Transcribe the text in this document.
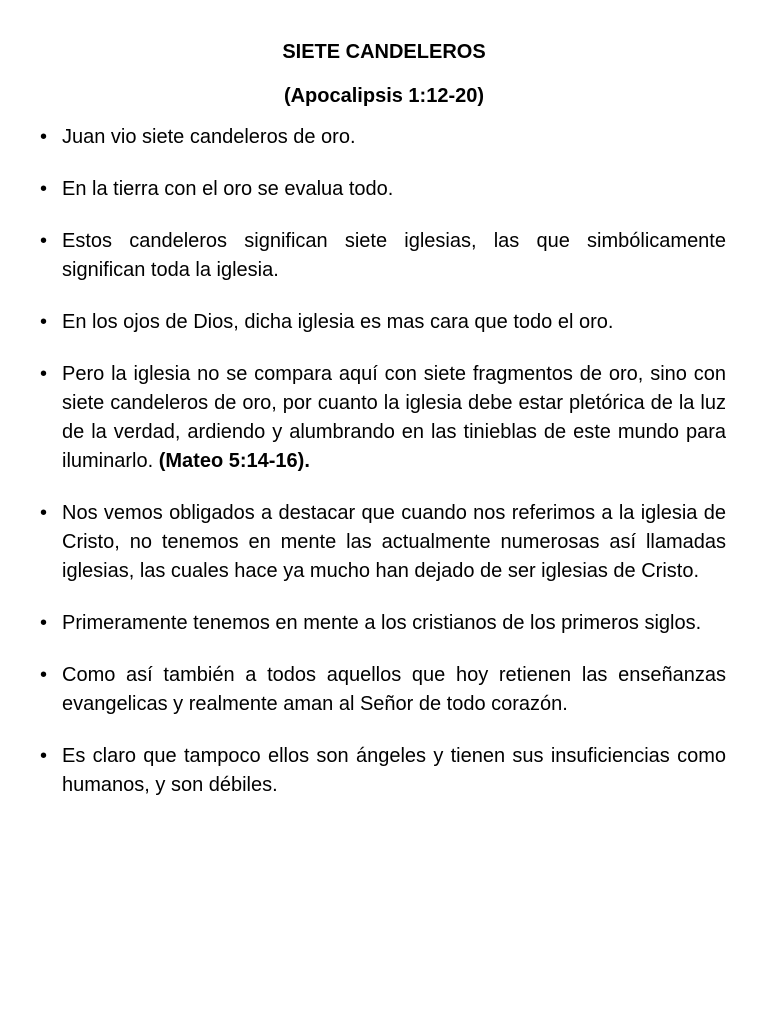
SIETE CANDELEROS
(Apocalipsis 1:12-20)
•
Juan vio siete candeleros de oro.
•
En la tierra con el oro se evalua todo.
•
Estos candeleros significan siete iglesias, las que simbólicamente significan toda la iglesia.
•
En los ojos de Dios, dicha iglesia es mas cara que todo el oro.
•
Pero la iglesia no se compara aquí con siete fragmentos de oro, sino con siete candeleros de oro, por cuanto la iglesia debe estar pletórica de la luz de la verdad, ardiendo y alumbrando en las tinieblas de este mundo para iluminarlo. (Mateo 5:14-16).
•
Nos vemos obligados a destacar que cuando nos referimos a la iglesia de Cristo, no tenemos en mente las actualmente numerosas así llamadas iglesias, las cuales hace ya mucho han dejado de ser iglesias de Cristo.
•
Primeramente tenemos en mente a los cristianos de los primeros siglos.
•
Como así también a todos aquellos que hoy retienen las enseñanzas evangelicas y realmente aman al Señor de todo corazón.
•
Es claro que tampoco ellos son ángeles y tienen sus insuficiencias como humanos, y son débiles.
